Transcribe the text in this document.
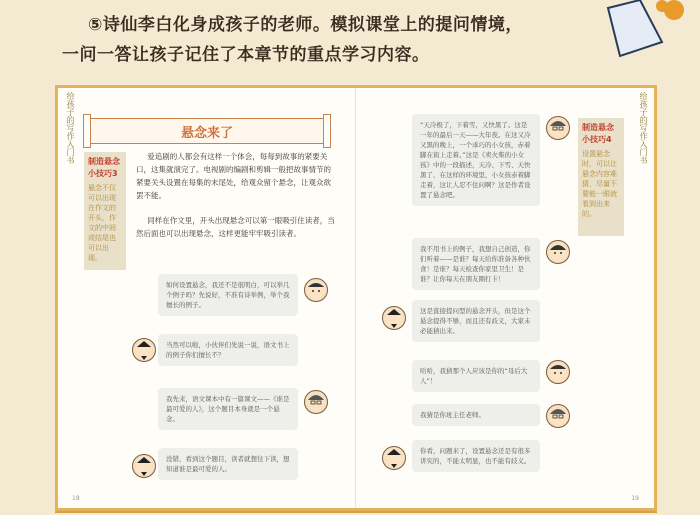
⑤诗仙李白化身成孩子的老师。模拟课堂上的提问情境，
一问一答让孩子记住了本章节的重点学习内容。
给孩子的写作入门书	悬念来了
制造悬念小技巧3
悬念不仅可以出现在作文的开头，作文的中间或结尾也可以出现。
爱追剧的人都会有这样一个体会，每每到故事的紧要关口，这集就演完了。电视剧的编剧和剪辑一般把故事情节的紧要关头设置在每集的末尾处，给观众留个悬念，让观众欲罢不能。
同样在作文里，开头出现悬念可以第一眼吸引住读者，当然后面也可以出现悬念，这样更能牢牢吸引读者。
如何设置悬念，我还不是很明白，可以举几个例子吗？先说好，不准有诗举例，举个我擅长的例子。
当然可以啦，小伙伴们先说一说，语文书上的例子你们擅长不？
我先来，语文课本中有一篇课文——《谁是最可爱的人》，这个题目本身就是一个悬念。
没错，看到这个题目，读者就想往下读，想知道谁是最可爱的人。
18
给孩子的写作入门书
“天冷极了，下着雪，又快黑了。这是一年的最后一天——大年夜。在这又冷又黑的晚上，一个乖巧的小女孩，赤着脚在街上走着。”这是《卖火柴的小女孩》中的一段描述，天冷、下雪、天快黑了、在这样的环境里，小女孩赤着脚走着，这让人忍不住问啊？这是作者设置了悬念吧。
制造悬念小技巧4
设置悬念时，可以让悬念内容难猜，尽量不要能一眼就看到出来的。
我不用书上的例子，我想自己创造，你们听着——是谁？每天给你准备各种伙食！是谁？每天检查你家里卫生！是谁？让你每天在朋友圈打卡！
这是直接提问型的悬念开头，但是这个悬念提得不够，而且还有歧义，大家未必能猜出来。
哈哈，我猜那个人应该是你的“母后大人”！
我猜是你班主任老师。
你看，问题来了，设置悬念还是有很多讲究的，不能太明显，也不能有歧义。
19
